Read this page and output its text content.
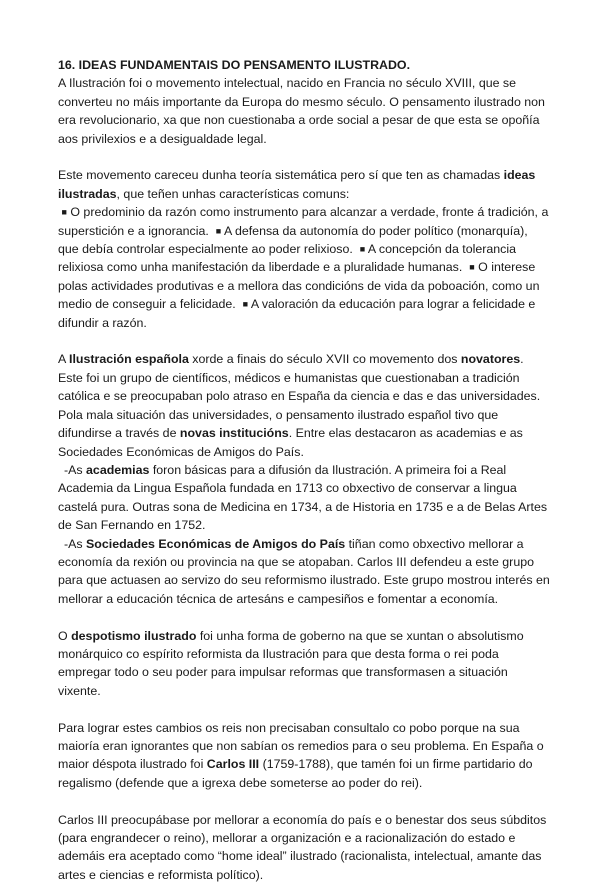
16. IDEAS FUNDAMENTAIS DO PENSAMENTO ILUSTRADO.

A Ilustración foi o movemento intelectual, nacido en Francia no século XVIII, que se converteu no máis importante da Europa do mesmo século. O pensamento ilustrado non era revolucionario, xa que non cuestionaba a orde social a pesar de que esta se opoñía aos privilexios e a desigualdade legal.

Este movemento careceu dunha teoría sistemática pero sí que ten as chamadas ideas ilustradas, que teñen unhas características comuns:

■ O predominio da razón como instrumento para alcanzar a verdade, fronte á tradición, a superstición e a ignorancia. ■ A defensa da autonomía do poder político (monarquía), que debía controlar especialmente ao poder relixioso. ■ A concepción da tolerancia relixiosa como unha manifestación da liberdade e a pluralidade humanas. ■ O interese polas actividades produtivas e a mellora das condicións de vida da poboación, como un medio de conseguir a felicidade. ■ A valoración da educación para lograr a felicidade e difundir a razón.

A Ilustración española xorde a finais do século XVII co movemento dos novatores. Este foi un grupo de científicos, médicos e humanistas que cuestionaban a tradición católica e se preocupaban polo atraso en España da ciencia e das e das universidades. Pola mala situación das universidades, o pensamento ilustrado español tivo que difundirse a través de novas institucións. Entre elas destacaron as academias e as Sociedades Económicas de Amigos do País.

-As academias foron básicas para a difusión da Ilustración. A primeira foi a Real Academia da Lingua Española fundada en 1713 co obxectivo de conservar a lingua castelá pura. Outras sona de Medicina en 1734, a de Historia en 1735 e a de Belas Artes de San Fernando en 1752.

-As Sociedades Económicas de Amigos do País tiñan como obxectivo mellorar a economía da rexión ou provincia na que se atopaban. Carlos III defendeu a este grupo para que actuasen ao servizo do seu reformismo ilustrado. Este grupo mostrou interés en mellorar a educación técnica de artesáns e campesiños e fomentar a economía.

O despotismo ilustrado foi unha forma de goberno na que se xuntan o absolutismo monárquico co espírito reformista da Ilustración para que desta forma o rei poda empregar todo o seu poder para impulsar reformas que transformasen a situación vixente.

Para lograr estes cambios os reis non precisaban consultalo co pobo porque na sua maioría eran ignorantes que non sabían os remedios para o seu problema. En España o maior déspota ilustrado foi Carlos III (1759-1788), que tamén foi un firme partidario do regalismo (defende que a igrexa debe someterse ao poder do rei).

Carlos III preocupábase por mellorar a economía do país e o benestar dos seus súbditos (para engrandecer o reino), mellorar a organización e a racionalización do estado e ademáis era aceptado como “home ideal” ilustrado (racionalista, intelectual, amante das artes e ciencias e reformista político).
